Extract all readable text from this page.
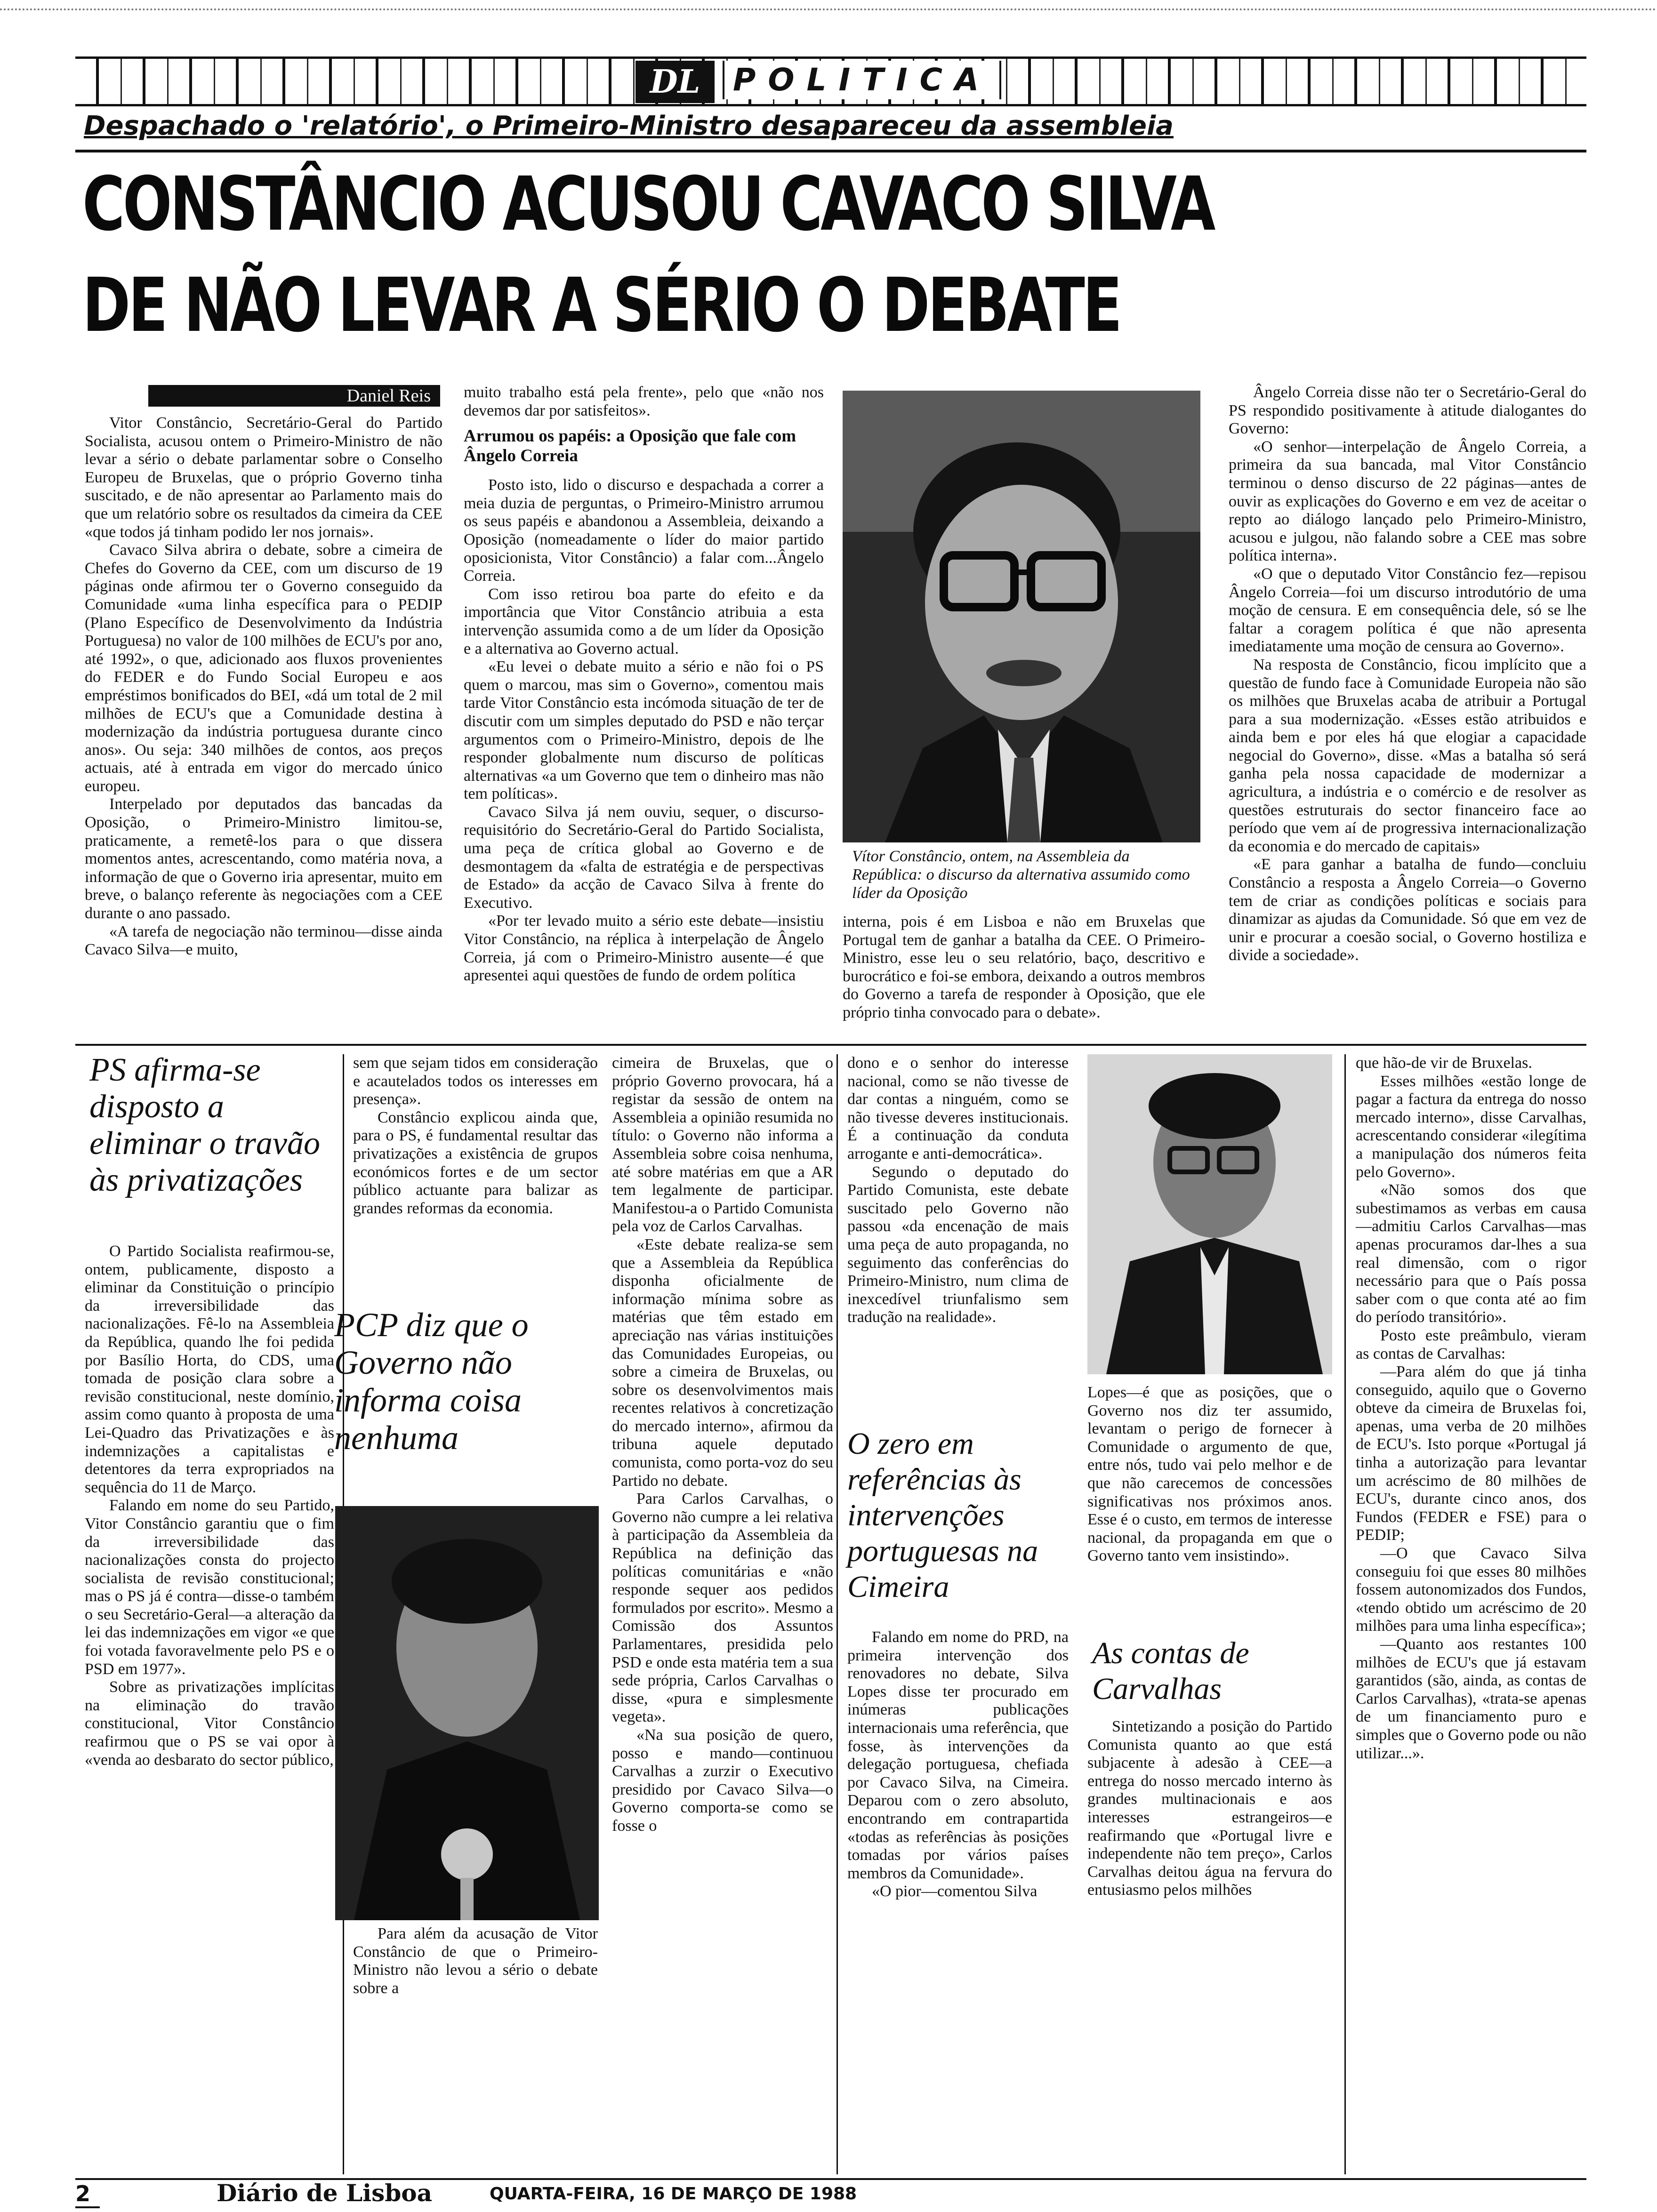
DL	POLITICA
Despachado o 'relatório', o Primeiro-Ministro desapareceu da assembleia
CONSTÂNCIO ACUSOU CAVACO SILVA
DE NÃO LEVAR A SÉRIO O DEBATE
Daniel Reis

Vitor Constâncio, Secretário-Geral do Partido Socialista, acusou ontem o Primeiro-Ministro de não levar a sério o debate parlamentar sobre o Conselho Europeu de Bruxelas, que o próprio Governo tinha suscitado, e de não apresentar ao Parlamento mais do que um relatório sobre os resultados da cimeira da CEE «que todos já tinham podido ler nos jornais».

Cavaco Silva abrira o debate, sobre a cimeira de Chefes do Governo da CEE, com um discurso de 19 páginas onde afirmou ter o Governo conseguido da Comunidade «uma linha específica para o PEDIP (Plano Específico de Desenvolvimento da Indústria Portuguesa) no valor de 100 milhões de ECU's por ano, até 1992», o que, adicionado aos fluxos provenientes do FEDER e do Fundo Social Europeu e aos empréstimos bonificados do BEI, «dá um total de 2 mil milhões de ECU's que a Comunidade destina à modernização da indústria portuguesa durante cinco anos». Ou seja: 340 milhões de contos, aos preços actuais, até à entrada em vigor do mercado único europeu.

Interpelado por deputados das bancadas da Oposição, o Primeiro-Ministro limitou-se, praticamente, a remetê-los para o que dissera momentos antes, acrescentando, como matéria nova, a informação de que o Governo iria apresentar, muito em breve, o balanço referente às negociações com a CEE durante o ano passado.

«A tarefa de negociação não terminou—disse ainda Cavaco Silva—e muito,

muito trabalho está pela frente», pelo que «não nos devemos dar por satisfeitos».

Arrumou os papéis: a Oposição que fale com Ângelo Correia

Posto isto, lido o discurso e despachada a correr a meia duzia de perguntas, o Primeiro-Ministro arrumou os seus papéis e abandonou a Assembleia, deixando a Oposição (nomeadamente o líder do maior partido oposicionista, Vitor Constâncio) a falar com...Ângelo Correia.

Com isso retirou boa parte do efeito e da importância que Vitor Constâncio atribuia a esta intervenção assumida como a de um líder da Oposição e a alternativa ao Governo actual.

«Eu levei o debate muito a sério e não foi o PS quem o marcou, mas sim o Governo», comentou mais tarde Vitor Constâncio esta incómoda situação de ter de discutir com um simples deputado do PSD e não terçar argumentos com o Primeiro-Ministro, depois de lhe responder globalmente num discurso de políticas alternativas «a um Governo que tem o dinheiro mas não tem políticas».

Cavaco Silva já nem ouviu, sequer, o discurso-requisitório do Secretário-Geral do Partido Socialista, uma peça de crítica global ao Governo e de desmontagem da «falta de estratégia e de perspectivas de Estado» da acção de Cavaco Silva à frente do Executivo.

«Por ter levado muito a sério este debate—insistiu Vitor Constâncio, na réplica à interpelação de Ângelo Correia, já com o Primeiro-Ministro ausente—é que apresentei aqui questões de fundo de ordem política

Vítor Constâncio, ontem, na Assembleia da República: o discurso da alternativa assumido como líder da Oposição

interna, pois é em Lisboa e não em Bruxelas que Portugal tem de ganhar a batalha da CEE. O Primeiro-Ministro, esse leu o seu relatório, baço, descritivo e burocrático e foi-se embora, deixando a outros membros do Governo a tarefa de responder à Oposição, que ele próprio tinha convocado para o debate».

Ângelo Correia disse não ter o Secretário-Geral do PS respondido positivamente à atitude dialogantes do Governo:

«O senhor—interpelação de Ângelo Correia, a primeira da sua bancada, mal Vitor Constâncio terminou o denso discurso de 22 páginas—antes de ouvir as explicações do Governo e em vez de aceitar o repto ao diálogo lançado pelo Primeiro-Ministro, acusou e julgou, não falando sobre a CEE mas sobre política interna».

«O que o deputado Vitor Constâncio fez—repisou Ângelo Correia—foi um discurso introdutório de uma moção de censura. E em consequência dele, só se lhe faltar a coragem política é que não apresenta imediatamente uma moção de censura ao Governo».

Na resposta de Constâncio, ficou implícito que a questão de fundo face à Comunidade Europeia não são os milhões que Bruxelas acaba de atribuir a Portugal para a sua modernização. «Esses estão atribuidos e ainda bem e por eles há que elogiar a capacidade negocial do Governo», disse. «Mas a batalha só será ganha pela nossa capacidade de modernizar a agricultura, a indústria e o comércio e de resolver as questões estruturais do sector financeiro face ao período que vem aí de progressiva internacionalização da economia e do mercado de capitais»

«E para ganhar a batalha de fundo—concluiu Constâncio a resposta a Ângelo Correia—o Governo tem de criar as condições políticas e sociais para dinamizar as ajudas da Comunidade. Só que em vez de unir e procurar a coesão social, o Governo hostiliza e divide a sociedade».

PS afirma-se disposto a eliminar o travão às privatizações

O Partido Socialista reafirmou-se, ontem, publicamente, disposto a eliminar da Constituição o princípio da irreversibilidade das nacionalizações. Fê-lo na Assembleia da República, quando lhe foi pedida por Basílio Horta, do CDS, uma tomada de posição clara sobre a revisão constitucional, neste domínio, assim como quanto à proposta de uma Lei-Quadro das Privatizações e às indemnizações a capitalistas e detentores da terra expropriados na sequência do 11 de Março.

Falando em nome do seu Partido, Vitor Constâncio garantiu que o fim da irreversibilidade das nacionalizações consta do projecto socialista de revisão constitucional; mas o PS já é contra—disse-o também o seu Secretário-Geral—a alteração da lei das indemnizações em vigor «e que foi votada favoravelmente pelo PS e o PSD em 1977».

Sobre as privatizações implícitas na eliminação do travão constitucional, Vitor Constâncio reafirmou que o PS se vai opor à «venda ao desbarato do sector público,

sem que sejam tidos em consideração e acautelados todos os interesses em presença».

Constâncio explicou ainda que, para o PS, é fundamental resultar das privatizações a existência de grupos económicos fortes e de um sector público actuante para balizar as grandes reformas da economia.

PCP diz que o Governo não informa coisa nenhuma

Para além da acusação de Vitor Constâncio de que o Primeiro-Ministro não levou a sério o debate sobre a

cimeira de Bruxelas, que o próprio Governo provocara, há a registar da sessão de ontem na Assembleia a opinião resumida no título: o Governo não informa a Assembleia sobre coisa nenhuma, até sobre matérias em que a AR tem legalmente de participar. Manifestou-a o Partido Comunista pela voz de Carlos Carvalhas.

«Este debate realiza-se sem que a Assembleia da República disponha oficialmente de informação mínima sobre as matérias que têm estado em apreciação nas várias instituições das Comunidades Europeias, ou sobre a cimeira de Bruxelas, ou sobre os desenvolvimentos mais recentes relativos à concretização do mercado interno», afirmou da tribuna aquele deputado comunista, como porta-voz do seu Partido no debate.

Para Carlos Carvalhas, o Governo não cumpre a lei relativa à participação da Assembleia da República na definição das políticas comunitárias e «não responde sequer aos pedidos formulados por escrito». Mesmo a Comissão dos Assuntos Parlamentares, presidida pelo PSD e onde esta matéria tem a sua sede própria, Carlos Carvalhas o disse, «pura e simplesmente vegeta».

«Na sua posição de quero, posso e mando—continuou Carvalhas a zurzir o Executivo presidido por Cavaco Silva—o Governo comporta-se como se fosse o

dono e o senhor do interesse nacional, como se não tivesse de dar contas a ninguém, como se não tivesse deveres institucionais. É a continuação da conduta arrogante e anti-democrática».

Segundo o deputado do Partido Comunista, este debate suscitado pelo Governo não passou «da encenação de mais uma peça de auto propaganda, no seguimento das conferências do Primeiro-Ministro, num clima de inexcedível triunfalismo sem tradução na realidade».

O zero em referências às intervenções portuguesas na Cimeira

Falando em nome do PRD, na primeira intervenção dos renovadores no debate, Silva Lopes disse ter procurado em inúmeras publicações internacionais uma referência, que fosse, às intervenções da delegação portuguesa, chefiada por Cavaco Silva, na Cimeira. Deparou com o zero absoluto, encontrando em contrapartida «todas as referências às posições tomadas por vários países membros da Comunidade».

«O pior—comentou Silva

Lopes—é que as posições, que o Governo nos diz ter assumido, levantam o perigo de fornecer à Comunidade o argumento de que, entre nós, tudo vai pelo melhor e de que não carecemos de concessões significativas nos próximos anos. Esse é o custo, em termos de interesse nacional, da propaganda em que o Governo tanto vem insistindo».

As contas de Carvalhas

Sintetizando a posição do Partido Comunista quanto ao que está subjacente à adesão à CEE—a entrega do nosso mercado interno às grandes multinacionais e aos interesses estrangeiros—e reafirmando que «Portugal livre e independente não tem preço», Carlos Carvalhas deitou água na fervura do entusiasmo pelos milhões

que hão-de vir de Bruxelas.

Esses milhões «estão longe de pagar a factura da entrega do nosso mercado interno», disse Carvalhas, acrescentando considerar «ilegítima a manipulação dos números feita pelo Governo».

«Não somos dos que subestimamos as verbas em causa—admitiu Carlos Carvalhas—mas apenas procuramos dar-lhes a sua real dimensão, com o rigor necessário para que o País possa saber com o que conta até ao fim do período transitório».

Posto este preâmbulo, vieram as contas de Carvalhas:

—Para além do que já tinha conseguido, aquilo que o Governo obteve da cimeira de Bruxelas foi, apenas, uma verba de 20 milhões de ECU's. Isto porque «Portugal já tinha a autorização para levantar um acréscimo de 80 milhões de ECU's, durante cinco anos, dos Fundos (FEDER e FSE) para o PEDIP;

—O que Cavaco Silva conseguiu foi que esses 80 milhões fossem autonomizados dos Fundos, «tendo obtido um acréscimo de 20 milhões para uma linha específica»;

—Quanto aos restantes 100 milhões de ECU's que já estavam garantidos (são, ainda, as contas de Carlos Carvalhas), «trata-se apenas de um financiamento puro e simples que o Governo pode ou não utilizar...».

2	Diário de Lisboa	QUARTA-FEIRA, 16 DE MARÇO DE 1988
